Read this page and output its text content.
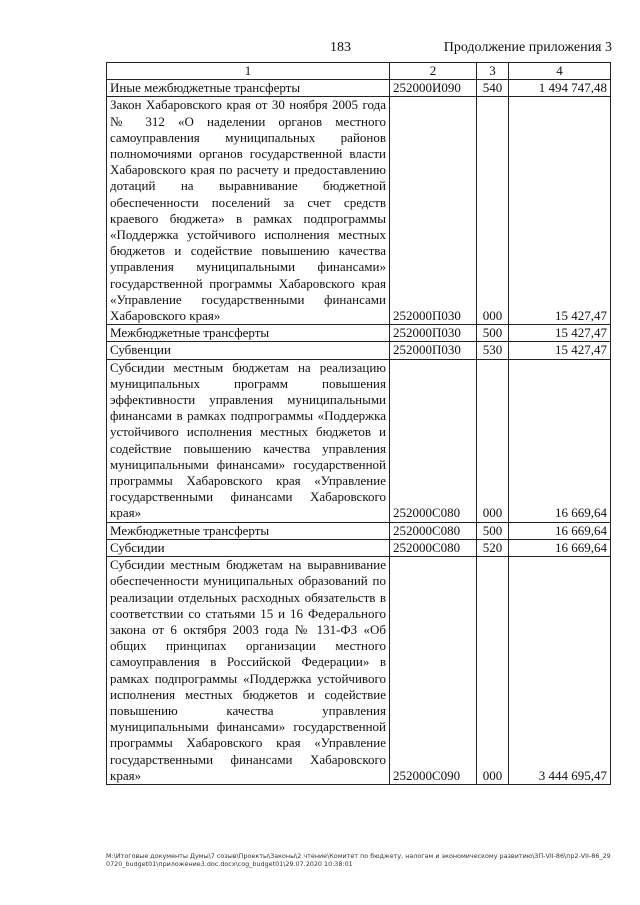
183	Продолжение приложения 3
1	2	3	4
Иные межбюджетные трансферты	252000И090	540	1 494 747,48
Закон Хабаровского края от 30 ноября 2005 года № 312 «О наделении органов местного самоуправления муниципальных районов полномочиями органов государственной власти Хабаровского края по расчету и предоставлению дотаций на выравнивание бюджетной обеспеченности поселений за счет средств краевого бюджета» в рамках подпрограммы «Поддержка устойчивого исполнения местных бюджетов и содействие повышению качества управления муниципальными финансами» государственной программы Хабаровского края «Управление государственными финансами Хабаровского края»	252000П030	000	15 427,47
Межбюджетные трансферты	252000П030	500	15 427,47
Субвенции	252000П030	530	15 427,47
Субсидии местным бюджетам на реализацию муниципальных программ повышения эффективности управления муниципальными финансами в рамках подпрограммы «Поддержка устойчивого исполнения местных бюджетов и содействие повышению качества управления муниципальными финансами» государственной программы Хабаровского края «Управление государственными финансами Хабаровского края»	252000С080	000	16 669,64
Межбюджетные трансферты	252000С080	500	16 669,64
Субсидии	252000С080	520	16 669,64
Субсидии местным бюджетам на выравнивание обеспеченности муниципальных образований по реализации отдельных расходных обязательств в соответствии со статьями 15 и 16 Федерального закона от 6 октября 2003 года № 131-ФЗ «Об общих принципах организации местного самоуправления в Российской Федерации» в рамках подпрограммы «Поддержка устойчивого исполнения местных бюджетов и содействие повышению качества управления муниципальными финансами» государственной программы Хабаровского края «Управление государственными финансами Хабаровского края»	252000С090	000	3 444 695,47
M:\Итоговые документы Думы\7 созыв\Проекты\Законы\2 чтение\Комитет по бюджету, налогам и экономическому развитию\ЗП-VII-86\пр2-VII-86_290720_budget01\приложение3.doc.docx\cog_budget01\29.07.2020 10:38:01
